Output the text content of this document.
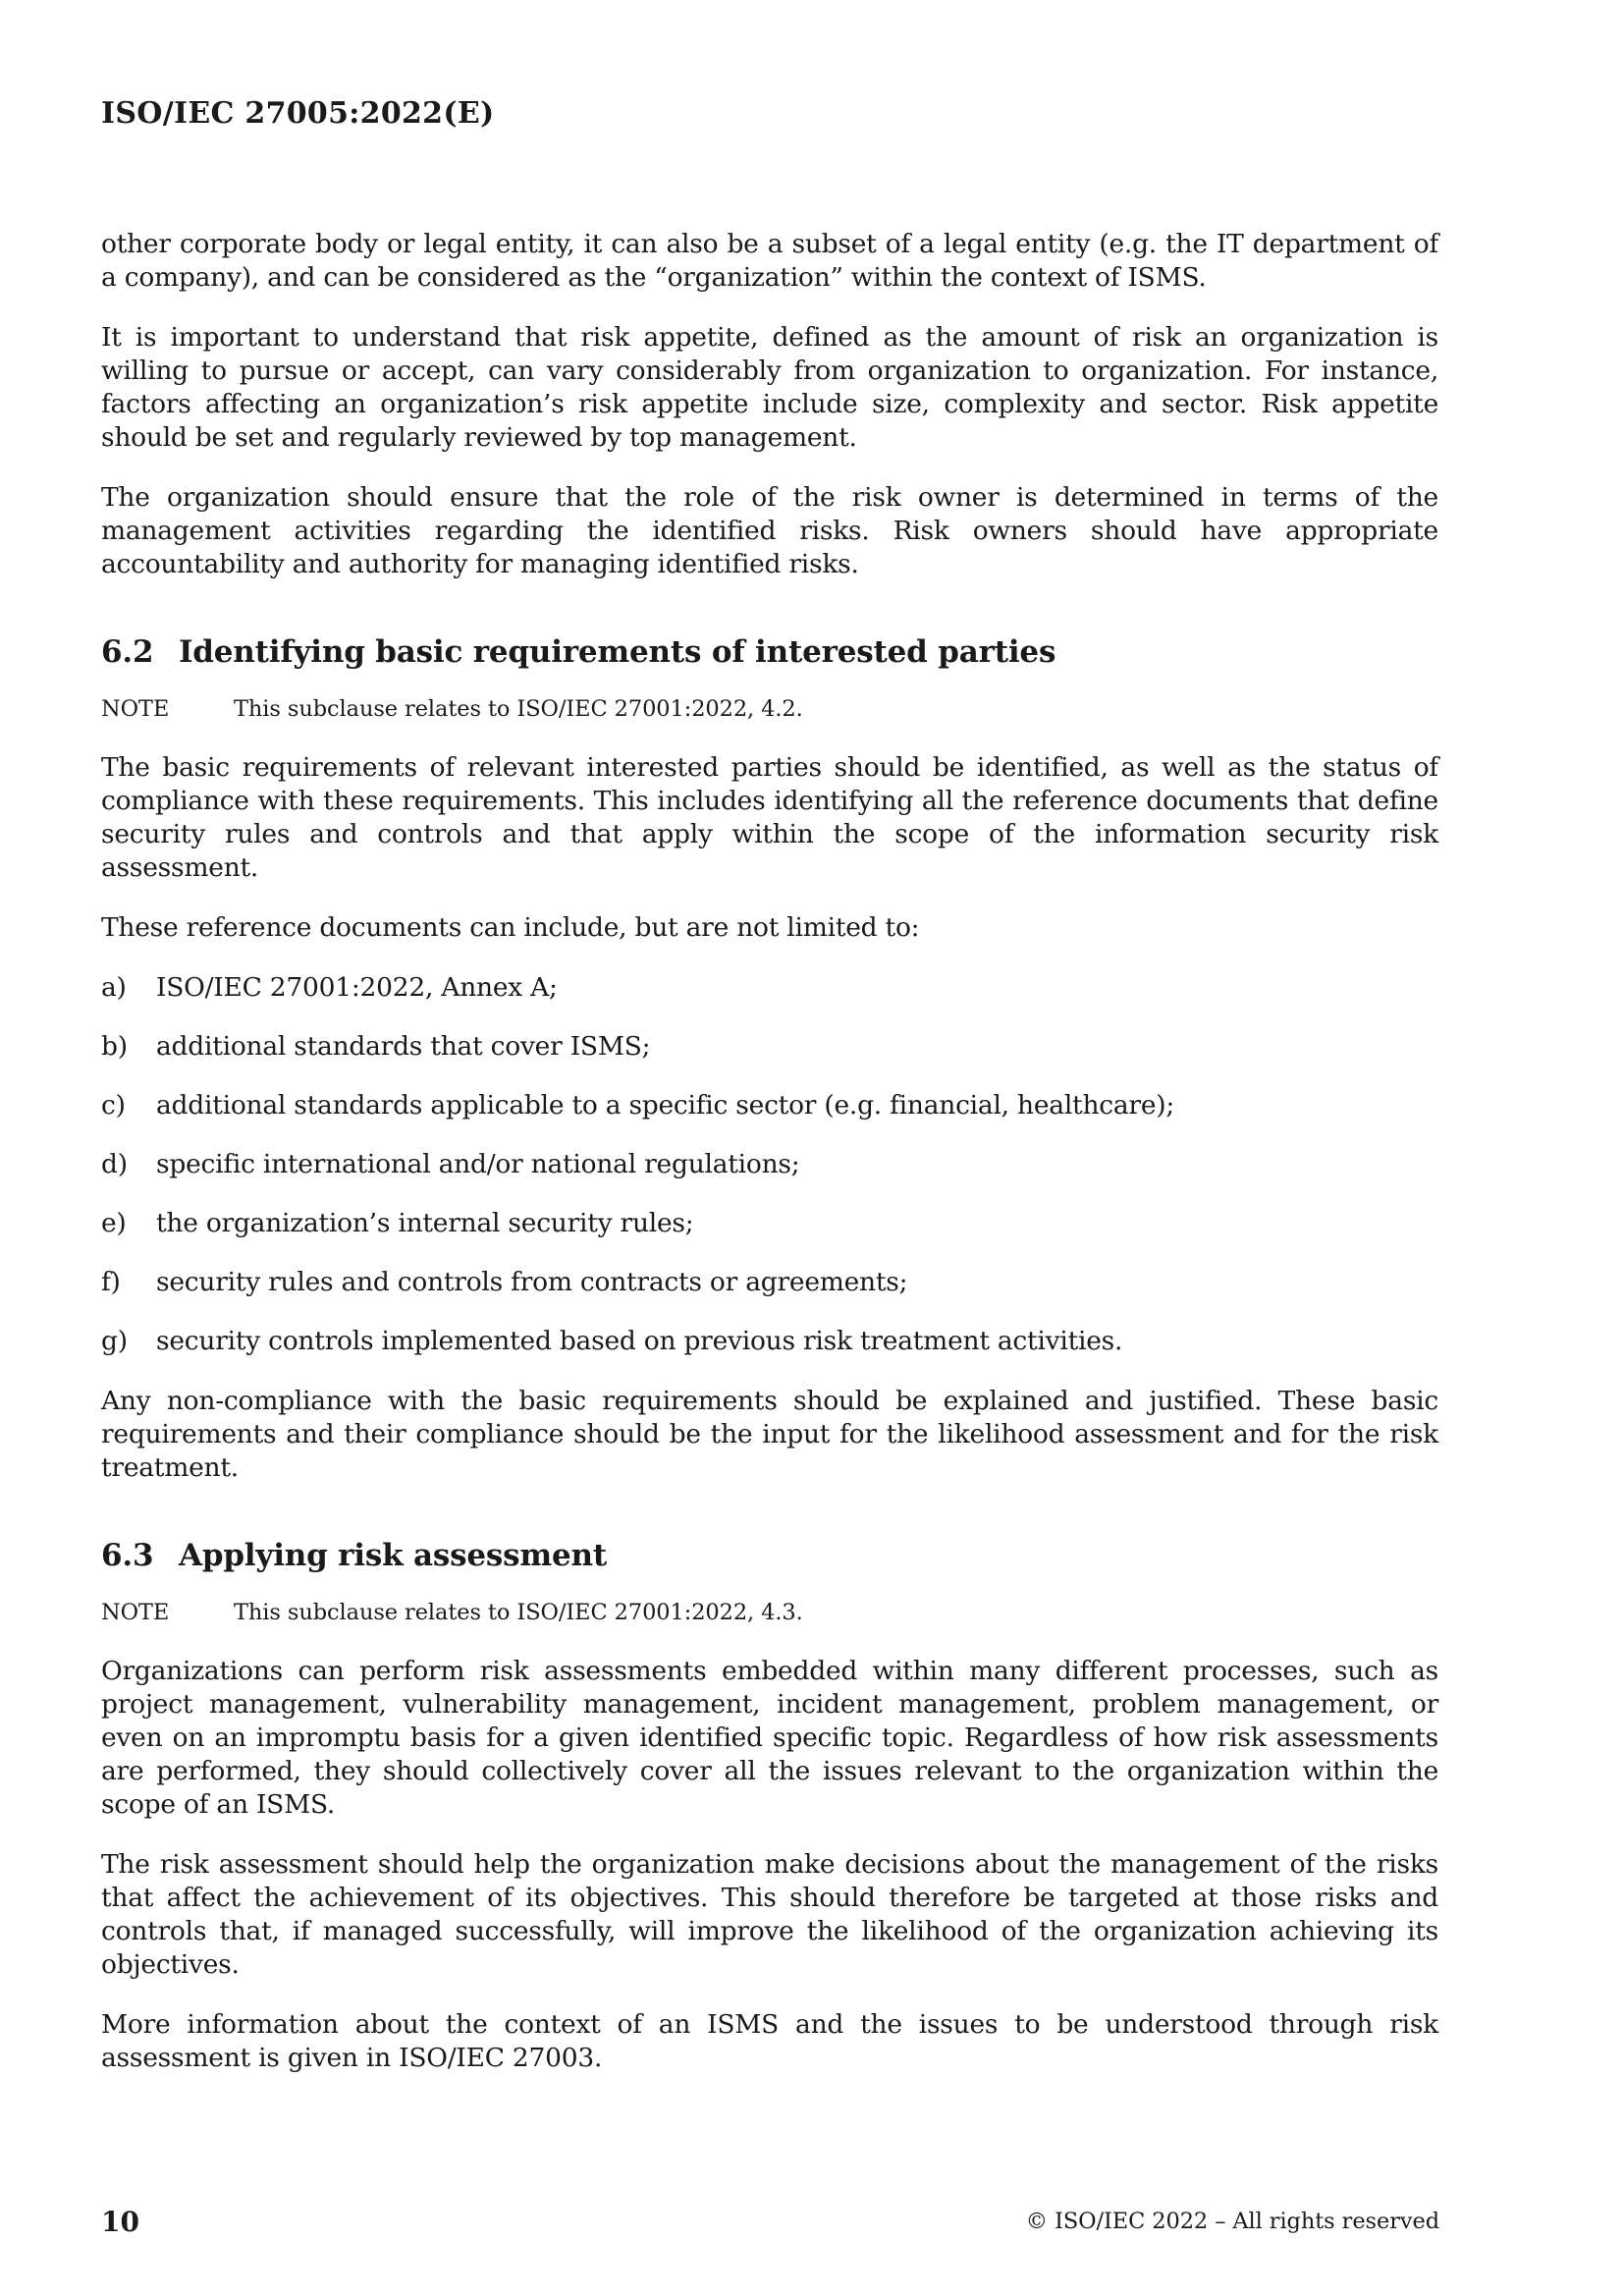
ISO/IEC 27005:2022(E)

other corporate body or legal entity, it can also be a subset of a legal entity (e.g. the IT department of a company), and can be considered as the “organization” within the context of ISMS.

It is important to understand that risk appetite, defined as the amount of risk an organization is willing to pursue or accept, can vary considerably from organization to organization. For instance, factors affecting an organization’s risk appetite include size, complexity and sector. Risk appetite should be set and regularly reviewed by top management.

The organization should ensure that the role of the risk owner is determined in terms of the management activities regarding the identified risks. Risk owners should have appropriate accountability and authority for managing identified risks.

6.2 Identifying basic requirements of interested parties
NOTE	This subclause relates to ISO/IEC 27001:2022, 4.2.

The basic requirements of relevant interested parties should be identified, as well as the status of compliance with these requirements. This includes identifying all the reference documents that define security rules and controls and that apply within the scope of the information security risk assessment.

These reference documents can include, but are not limited to:

a)	ISO/IEC 27001:2022, Annex A;
b)	additional standards that cover ISMS;
c)	additional standards applicable to a specific sector (e.g. financial, healthcare);
d)	specific international and/or national regulations;
e)	the organization’s internal security rules;
f)	security rules and controls from contracts or agreements;
g)	security controls implemented based on previous risk treatment activities.

Any non-compliance with the basic requirements should be explained and justified. These basic requirements and their compliance should be the input for the likelihood assessment and for the risk treatment.

6.3 Applying risk assessment
NOTE	This subclause relates to ISO/IEC 27001:2022, 4.3.

Organizations can perform risk assessments embedded within many different processes, such as project management, vulnerability management, incident management, problem management, or even on an impromptu basis for a given identified specific topic. Regardless of how risk assessments are performed, they should collectively cover all the issues relevant to the organization within the scope of an ISMS.

The risk assessment should help the organization make decisions about the management of the risks that affect the achievement of its objectives. This should therefore be targeted at those risks and controls that, if managed successfully, will improve the likelihood of the organization achieving its objectives.

More information about the context of an ISMS and the issues to be understood through risk assessment is given in ISO/IEC 27003.

10	© ISO/IEC 2022 – All rights reserved
